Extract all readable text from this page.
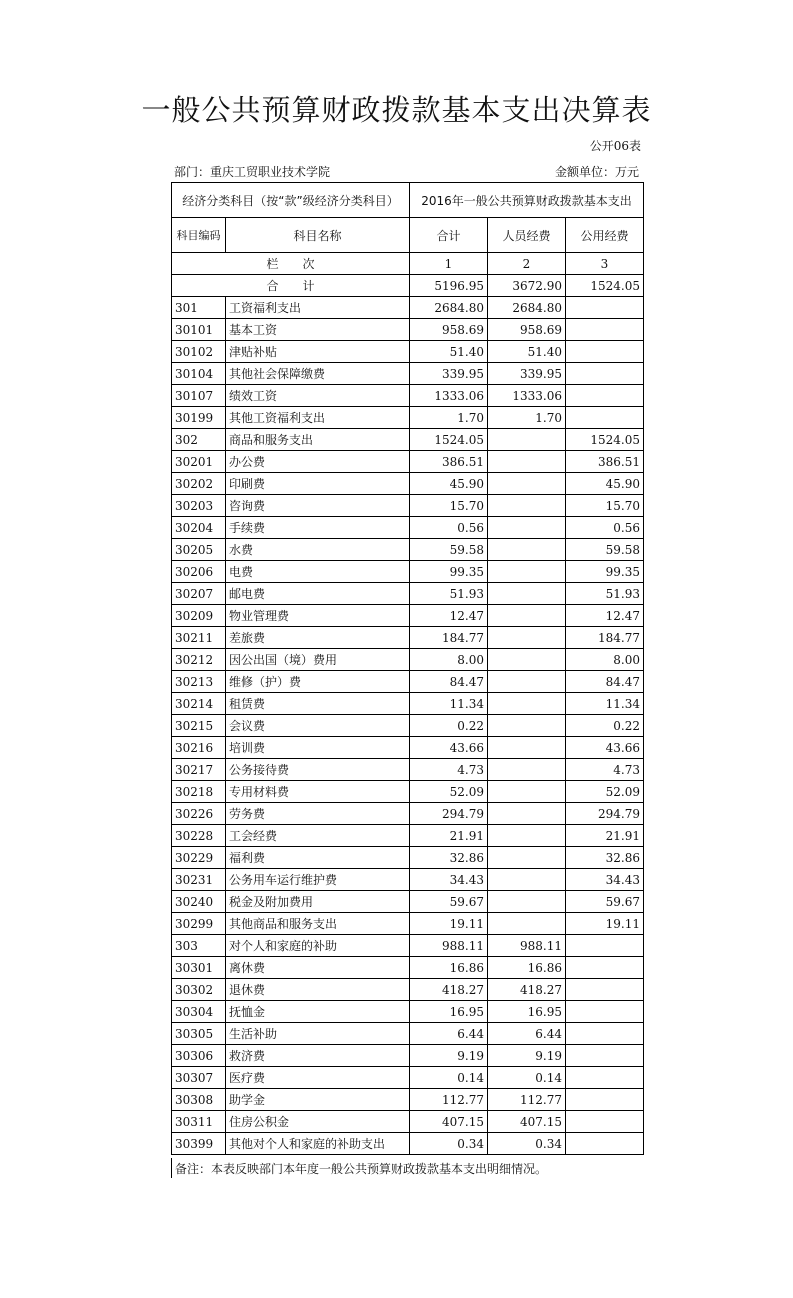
一般公共预算财政拨款基本支出决算表
公开06表
部门：重庆工贸职业技术学院	金额单位：万元
经济分类科目（按“款”级经济分类科目）		2016年一般公共预算财政拨款基本支出		
科目编码	科目名称	合计	人员经费	公用经费
栏　　次		1	2	3
合　　计		5196.95	3672.90	1524.05
301	工资福利支出	2684.80	2684.80	
30101	基本工资	958.69	958.69	
30102	津贴补贴	51.40	51.40	
30104	其他社会保障缴费	339.95	339.95	
30107	绩效工资	1333.06	1333.06	
30199	其他工资福利支出	1.70	1.70	
302	商品和服务支出	1524.05		1524.05
30201	办公费	386.51		386.51
30202	印刷费	45.90		45.90
30203	咨询费	15.70		15.70
30204	手续费	0.56		0.56
30205	水费	59.58		59.58
30206	电费	99.35		99.35
30207	邮电费	51.93		51.93
30209	物业管理费	12.47		12.47
30211	差旅费	184.77		184.77
30212	因公出国（境）费用	8.00		8.00
30213	维修（护）费	84.47		84.47
30214	租赁费	11.34		11.34
30215	会议费	0.22		0.22
30216	培训费	43.66		43.66
30217	公务接待费	4.73		4.73
30218	专用材料费	52.09		52.09
30226	劳务费	294.79		294.79
30228	工会经费	21.91		21.91
30229	福利费	32.86		32.86
30231	公务用车运行维护费	34.43		34.43
30240	税金及附加费用	59.67		59.67
30299	其他商品和服务支出	19.11		19.11
303	对个人和家庭的补助	988.11	988.11	
30301	离休费	16.86	16.86	
30302	退休费	418.27	418.27	
30304	抚恤金	16.95	16.95	
30305	生活补助	6.44	6.44	
30306	救济费	9.19	9.19	
30307	医疗费	0.14	0.14	
30308	助学金	112.77	112.77	
30311	住房公积金	407.15	407.15	
30399	其他对个人和家庭的补助支出	0.34	0.34	
备注：本表反映部门本年度一般公共预算财政拨款基本支出明细情况。
